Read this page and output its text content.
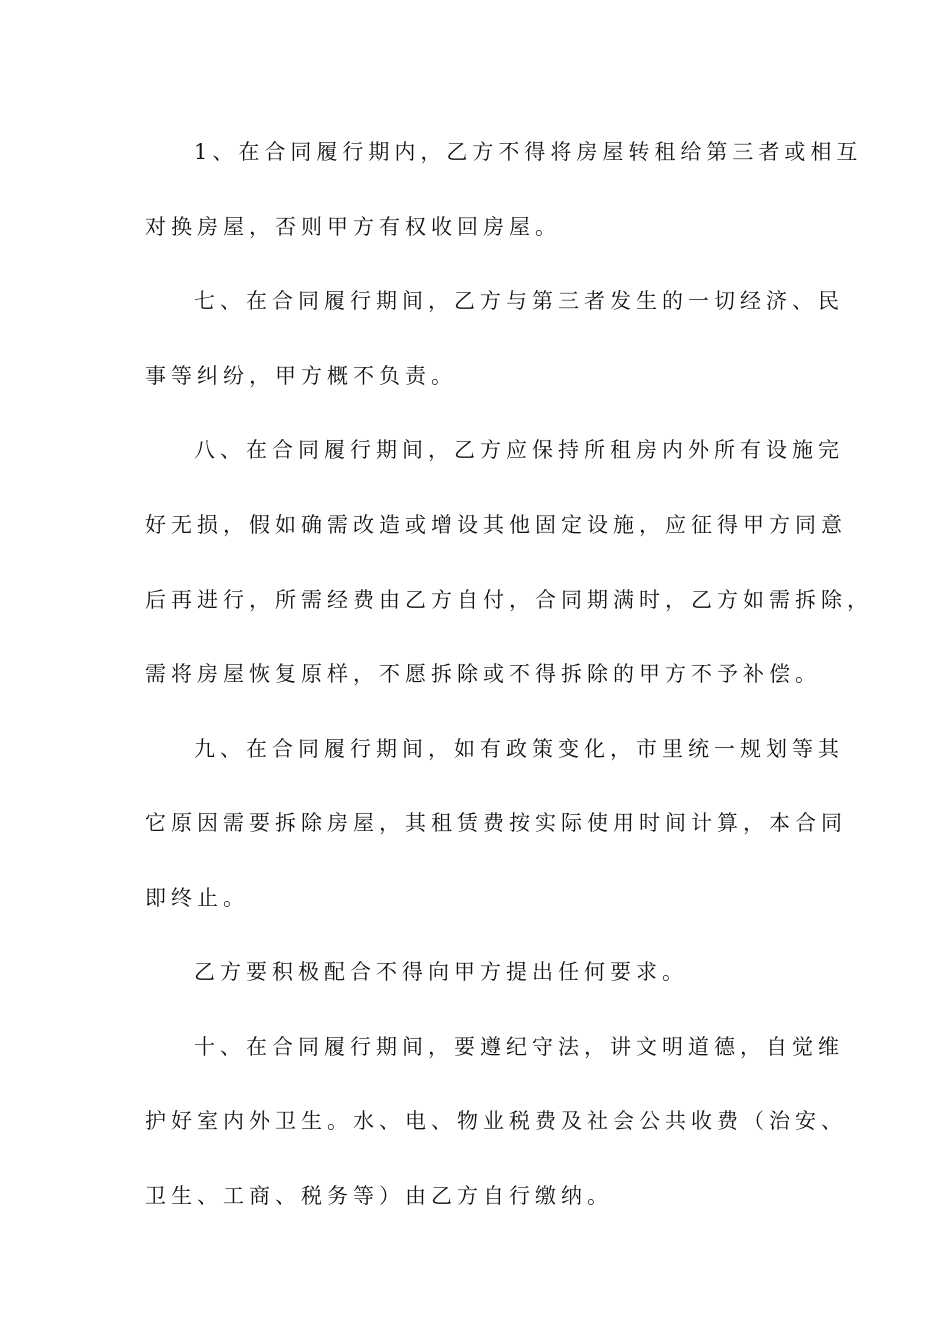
1、在合同履行期内，乙方不得将房屋转租给第三者或相互
对换房屋，否则甲方有权收回房屋。
七、在合同履行期间，乙方与第三者发生的一切经济、民
事等纠纷，甲方概不负责。
八、在合同履行期间，乙方应保持所租房内外所有设施完
好无损，假如确需改造或增设其他固定设施，应征得甲方同意
后再进行，所需经费由乙方自付，合同期满时，乙方如需拆除，
需将房屋恢复原样，不愿拆除或不得拆除的甲方不予补偿。
九、在合同履行期间，如有政策变化，市里统一规划等其
它原因需要拆除房屋，其租赁费按实际使用时间计算，本合同
即终止。
乙方要积极配合不得向甲方提出任何要求。
十、在合同履行期间，要遵纪守法，讲文明道德，自觉维
护好室内外卫生。水、电、物业税费及社会公共收费（治安、
卫生、工商、税务等）由乙方自行缴纳。
